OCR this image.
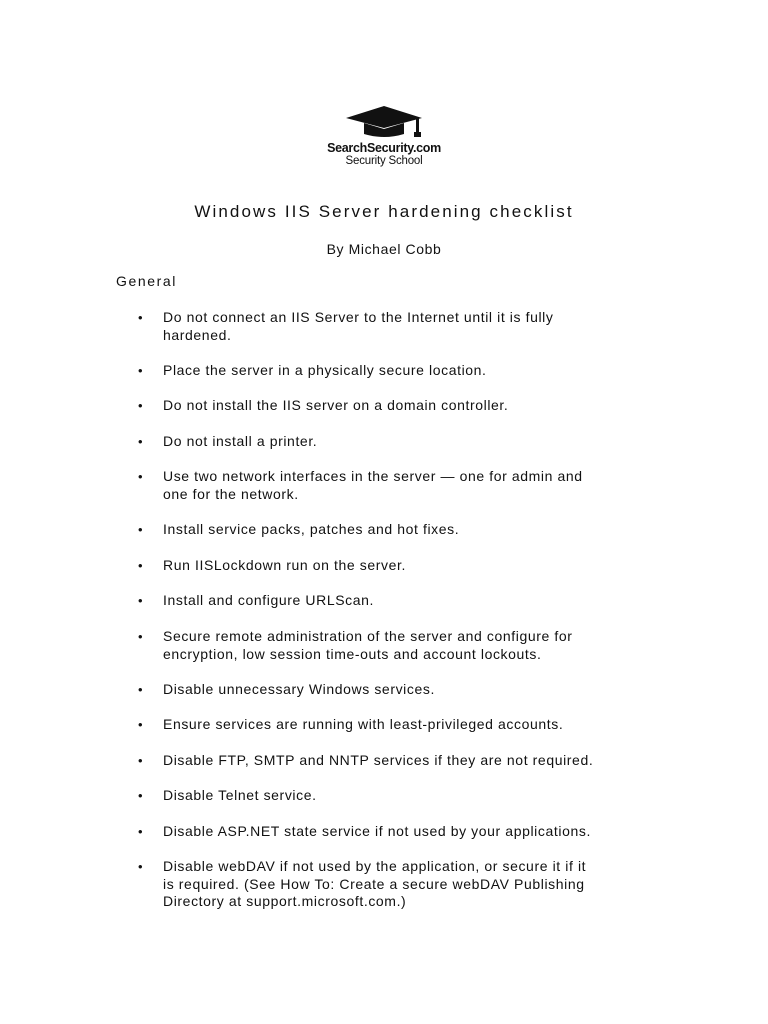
SearchSecurity.com
Security School
Windows IIS Server hardening checklist
By Michael Cobb
General
•	Do not connect an IIS Server to the Internet until it is fully
hardened.
•	Place the server in a physically secure location.
•	Do not install the IIS server on a domain controller.
•	Do not install a printer.
•	Use two network interfaces in the server — one for admin and
one for the network.
•	Install service packs, patches and hot fixes.
•	Run IISLockdown run on the server.
•	Install and configure URLScan.
•	Secure remote administration of the server and configure for
encryption, low session time-outs and account lockouts.
•	Disable unnecessary Windows services.
•	Ensure services are running with least-privileged accounts.
•	Disable FTP, SMTP and NNTP services if they are not required.
•	Disable Telnet service.
•	Disable ASP.NET state service if not used by your applications.
•	Disable webDAV if not used by the application, or secure it if it
is required. (See How To: Create a secure webDAV Publishing
Directory at support.microsoft.com.)
